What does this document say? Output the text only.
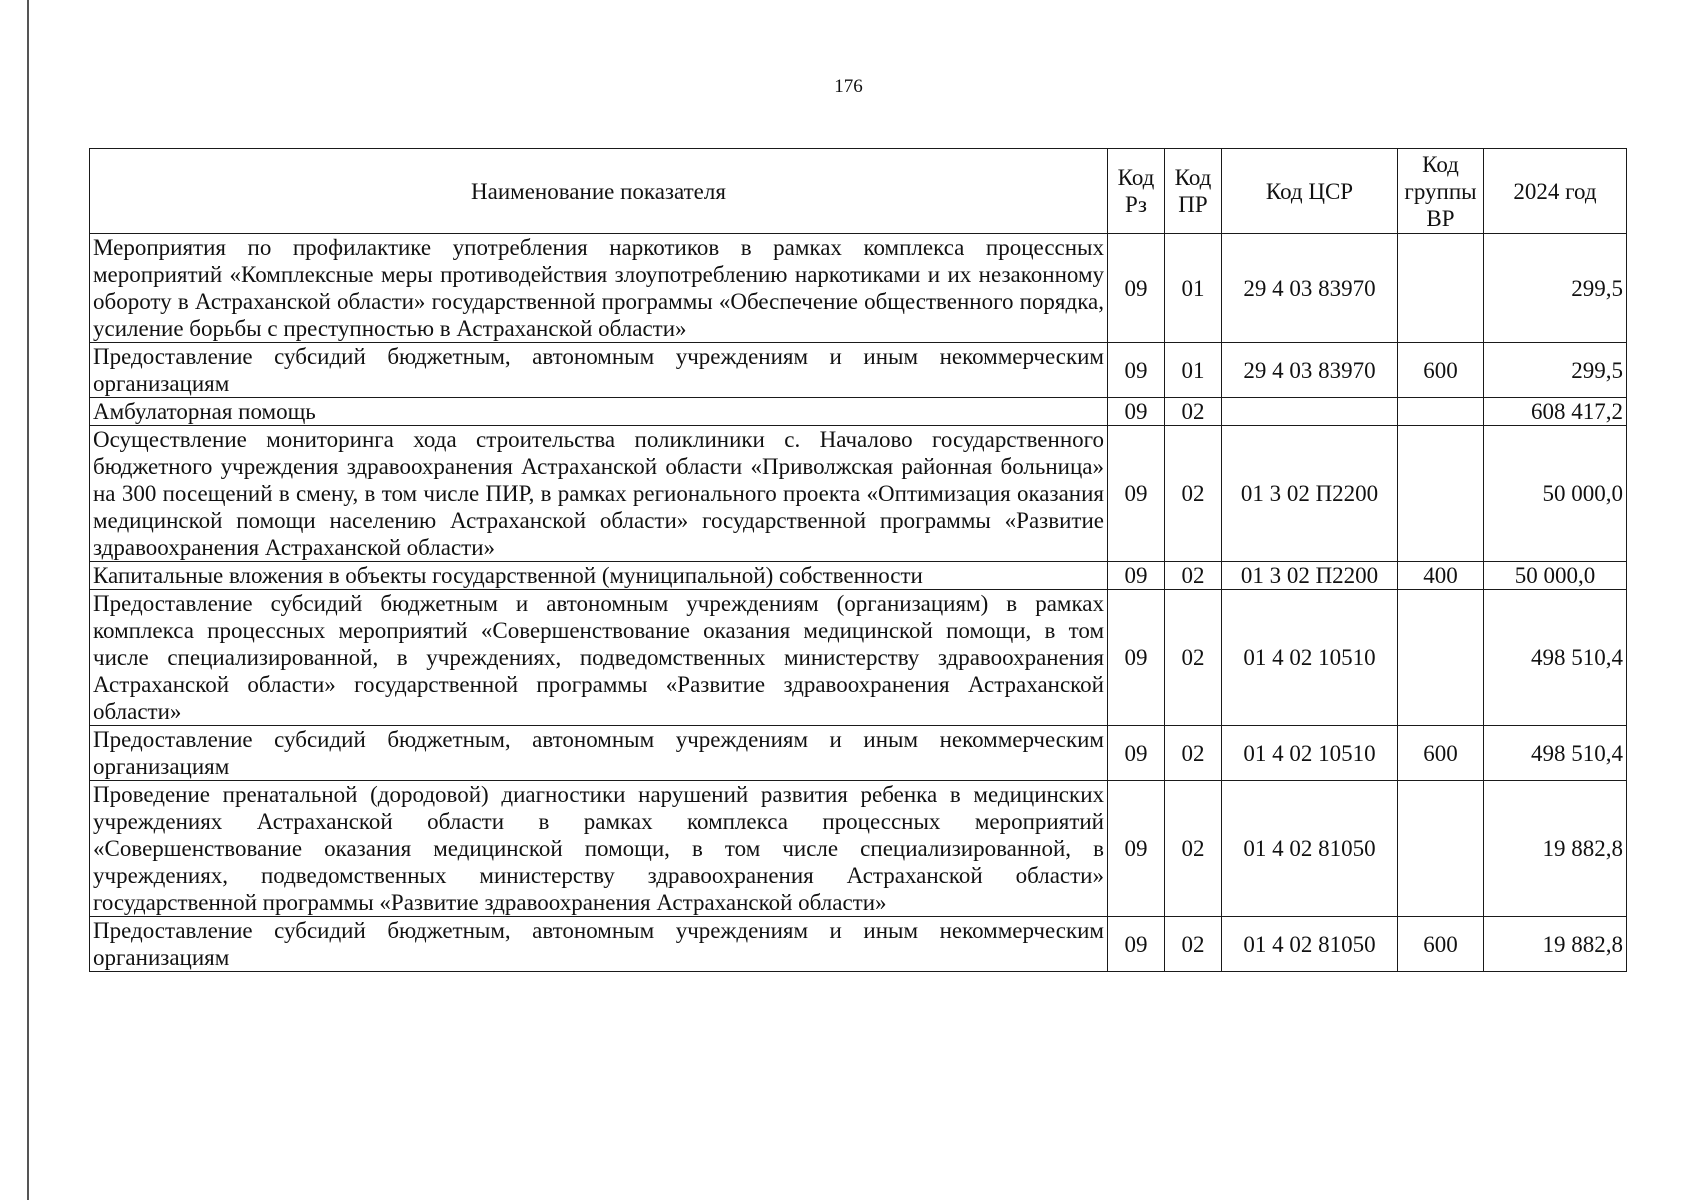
176
Наименование показателя	Код Рз	Код ПР	Код ЦСР	Код группы ВР	2024 год
Мероприятия по профилактике употребления наркотиков в рамках комплекса процессных мероприятий «Комплексные меры противодействия злоупотреблению наркотиками и их незаконному обороту в Астраханской области» государственной программы «Обеспечение общественного порядка, усиление борьбы с преступностью в Астраханской области»	09	01	29 4 03 83970		299,5
Предоставление субсидий бюджетным, автономным учреждениям и иным некоммерческим организациям	09	01	29 4 03 83970	600	299,5
Амбулаторная помощь	09	02			608 417,2
Осуществление мониторинга хода строительства поликлиники с. Началово государственного бюджетного учреждения здравоохранения Астраханской области «Приволжская районная больница» на 300 посещений в смену, в том числе ПИР, в рамках регионального проекта «Оптимизация оказания медицинской помощи населению Астраханской области» государственной программы «Развитие здравоохранения Астраханской области»	09	02	01 3 02 П2200		50 000,0
Капитальные вложения в объекты государственной (муниципальной) собственности	09	02	01 3 02 П2200	400	50 000,0
Предоставление субсидий бюджетным и автономным учреждениям (организациям) в рамках комплекса процессных мероприятий «Совершенствование оказания медицинской помощи, в том числе специализированной, в учреждениях, подведомственных министерству здравоохранения Астраханской области» государственной программы «Развитие здравоохранения Астраханской области»	09	02	01 4 02 10510		498 510,4
Предоставление субсидий бюджетным, автономным учреждениям и иным некоммерческим организациям	09	02	01 4 02 10510	600	498 510,4
Проведение пренатальной (дородовой) диагностики нарушений развития ребенка в медицинских учреждениях Астраханской области в рамках комплекса процессных мероприятий «Совершенствование оказания медицинской помощи, в том числе специализированной, в учреждениях, подведомственных министерству здравоохранения Астраханской области» государственной программы «Развитие здравоохранения Астраханской области»	09	02	01 4 02 81050		19 882,8
Предоставление субсидий бюджетным, автономным учреждениям и иным некоммерческим организациям	09	02	01 4 02 81050	600	19 882,8
